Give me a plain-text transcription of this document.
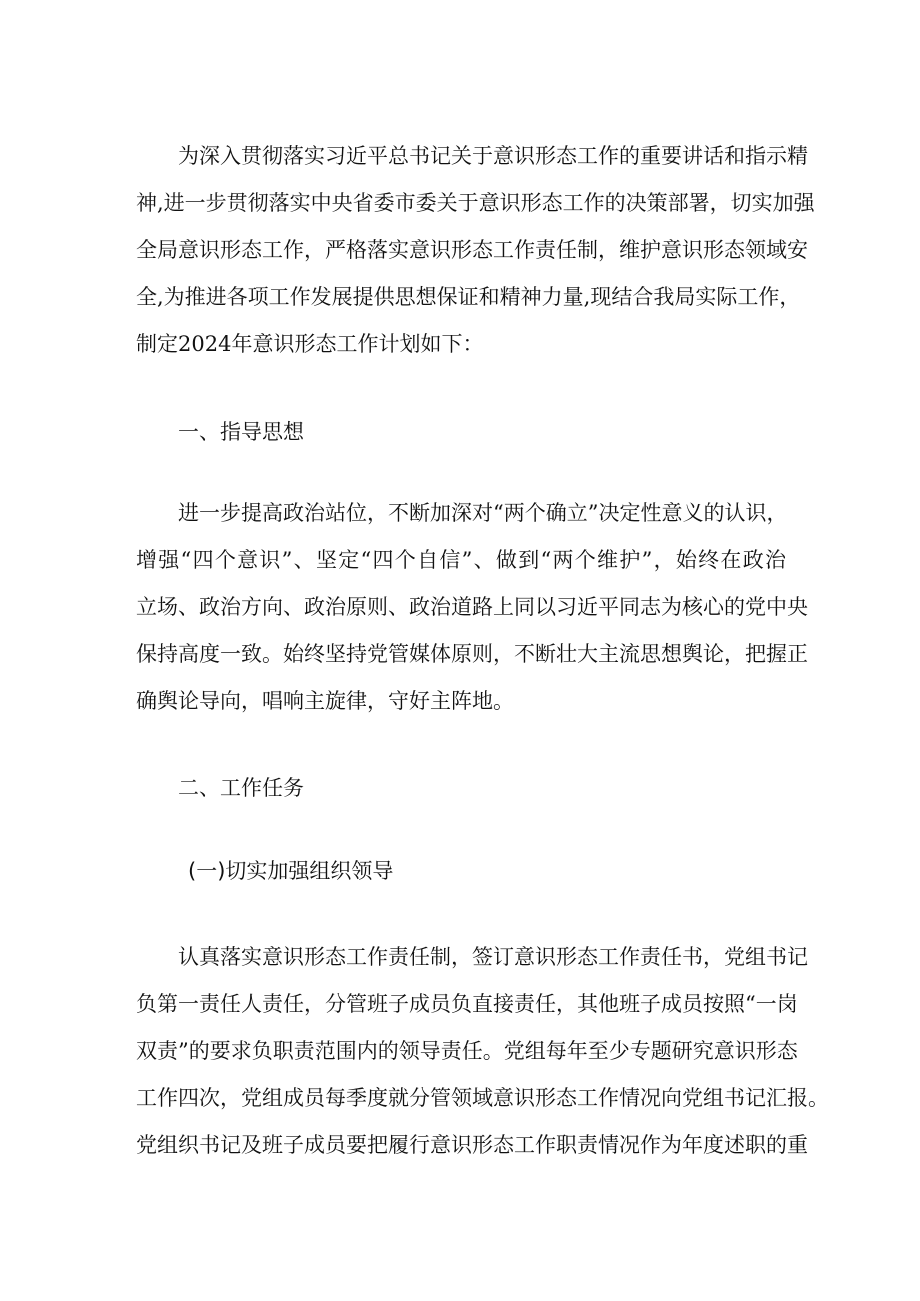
为深入贯彻落实习近平总书记关于意识形态工作的重要讲话和指示精
神,进一步贯彻落实中央省委市委关于意识形态工作的决策部署，切实加强
全局意识形态工作，严格落实意识形态工作责任制，维护意识形态领域安
全,为推进各项工作发展提供思想保证和精神力量,现结合我局实际工作，
制定2024年意识形态工作计划如下：
一、指导思想
进一步提高政治站位，不断加深对“两个确立”决定性意义的认识，
增强“四个意识”、坚定“四个自信”、做到“两个维护”，始终在政治
立场、政治方向、政治原则、政治道路上同以习近平同志为核心的党中央
保持高度一致。始终坚持党管媒体原则，不断壮大主流思想舆论，把握正
确舆论导向，唱响主旋律，守好主阵地。
二、工作任务
(一)切实加强组织领导
认真落实意识形态工作责任制，签订意识形态工作责任书，党组书记
负第一责任人责任，分管班子成员负直接责任，其他班子成员按照“一岗
双责”的要求负职责范围内的领导责任。党组每年至少专题研究意识形态
工作四次，党组成员每季度就分管领域意识形态工作情况向党组书记汇报。
党组织书记及班子成员要把履行意识形态工作职责情况作为年度述职的重
